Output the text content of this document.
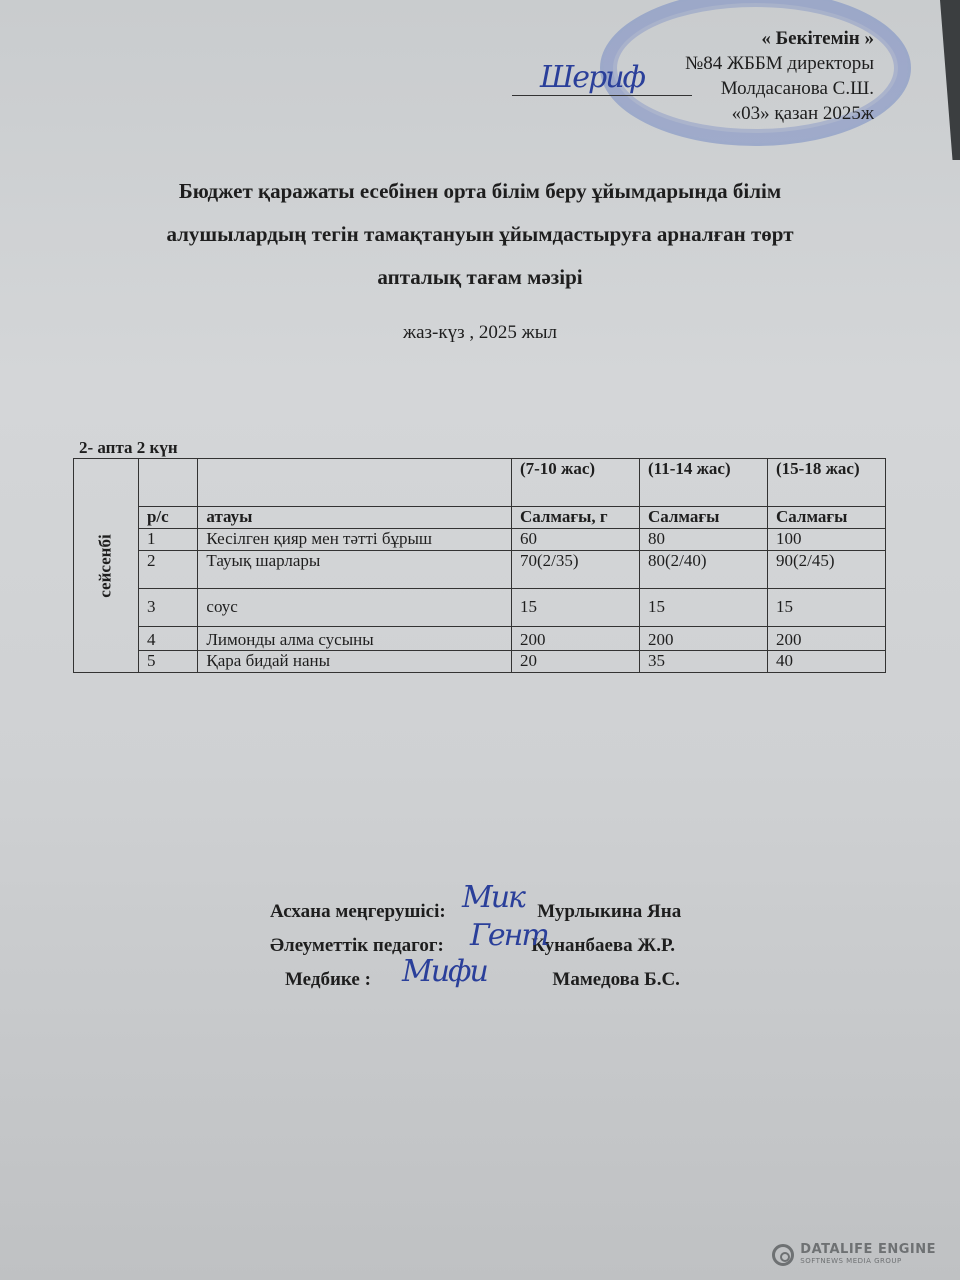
Шериф
« Бекітемін »
№84 ЖББМ директоры
Молдасанова С.Ш.
«03» қазан 2025ж
Бюджет қаражаты есебінен орта білім беру ұйымдарында білім
алушылардың тегін тамақтануын ұйымдастыруға арналған төрт
апталық тағам мәзірі
жаз-күз , 2025 жыл
2- апта 2 күн
сейсенбі			(7-10 жас)	(11-14 жас)	(15-18 жас)
	р/с	атауы	Салмағы, г	Салмағы	Салмағы
	1	Кесілген қияр мен тәтті бұрыш	60	80	100
	2	Тауық шарлары	70(2/35)	80(2/40)	90(2/45)
	3	соус	15	15	15
	4	Лимонды алма сусыны	200	200	200
	5	Қара бидай наны	20	35	40
Асхана меңгерушісі:	Мурлыкина Яна
Әлеуметтік педагог:	Кунанбаева Ж.Р.
Медбике :	Мамедова Б.С.
Мик
Гент
Мифи
DATALIFE ENGINE
SOFTNEWS MEDIA GROUP
